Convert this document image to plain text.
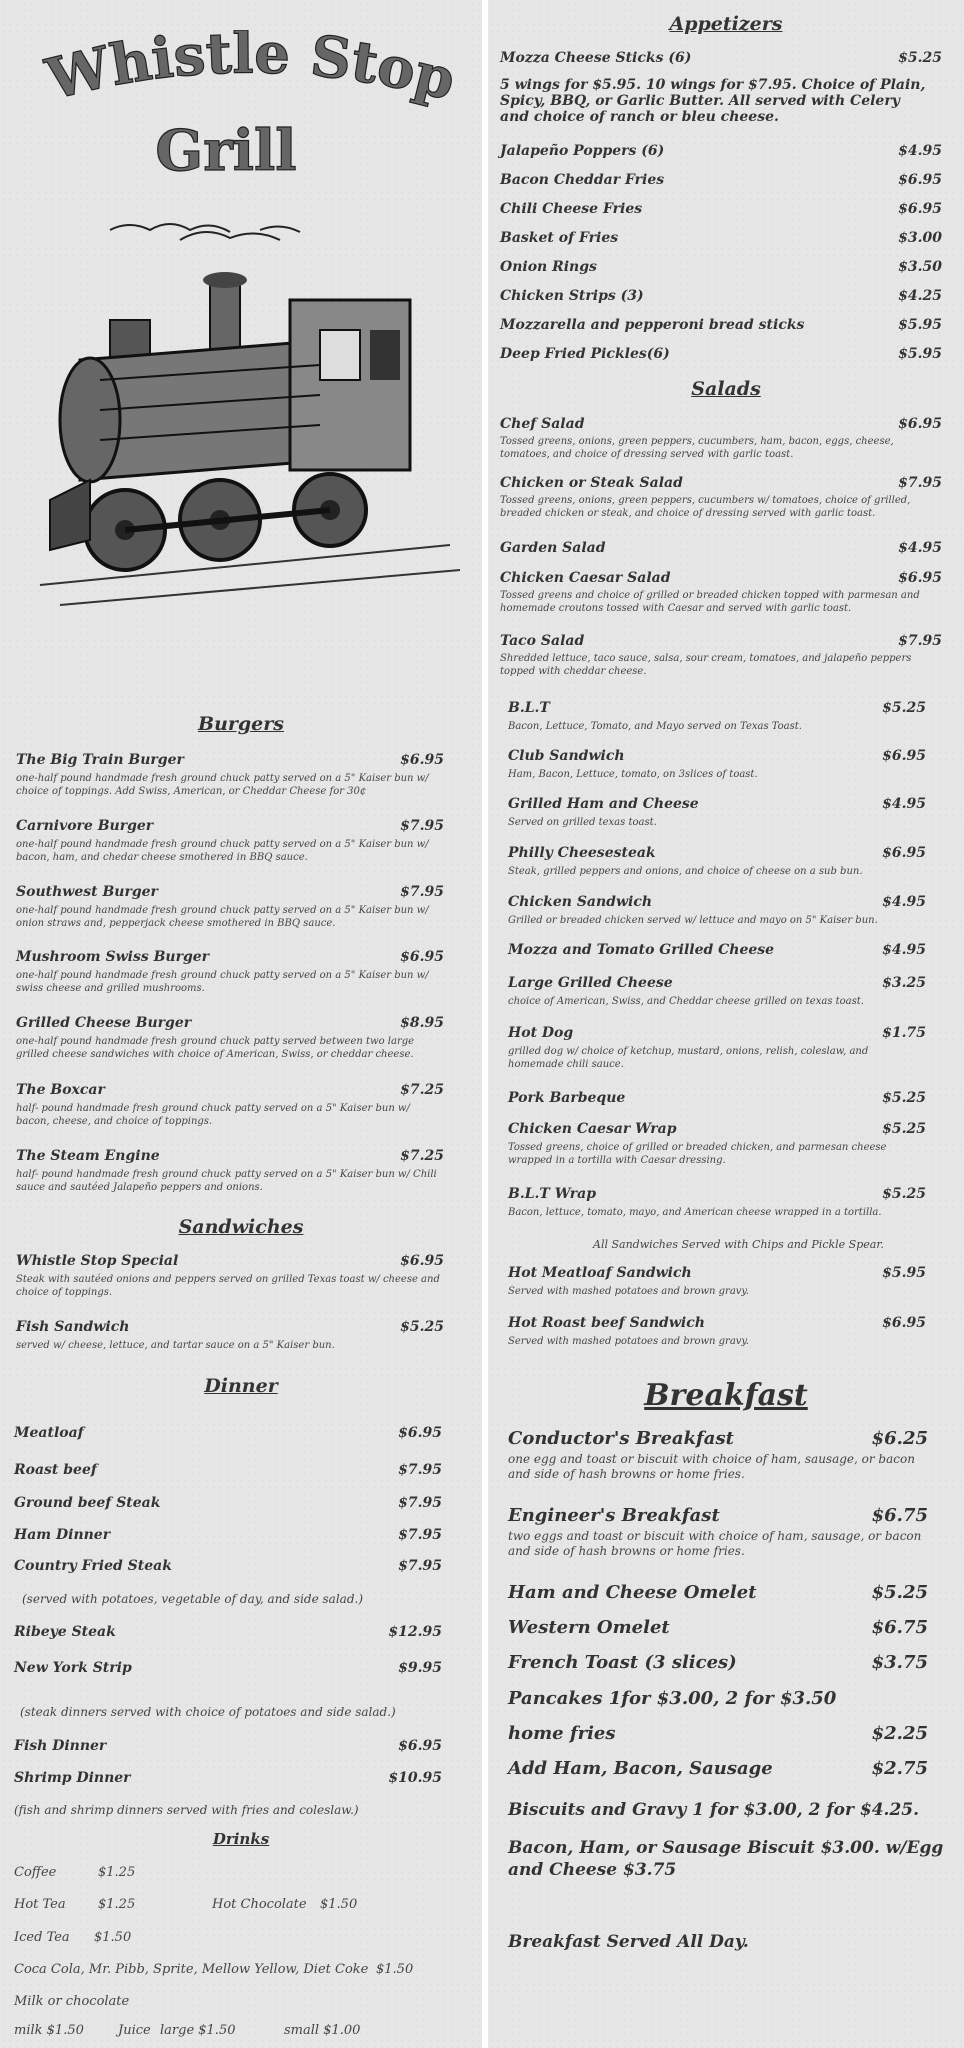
Whistle Stop
Grill
Burgers
The Big Train Burger	$6.95
one-half pound handmade fresh ground chuck patty served on a 5" Kaiser bun w/ choice of toppings. Add Swiss, American, or Cheddar Cheese for 30¢
Carnivore Burger	$7.95
one-half pound handmade fresh ground chuck patty served on a 5" Kaiser bun w/ bacon, ham, and chedar cheese smothered in BBQ sauce.
Southwest Burger	$7.95
one-half pound handmade fresh ground chuck patty served on a 5" Kaiser bun w/ onion straws and, pepperjack cheese smothered in BBQ sauce.
Mushroom Swiss Burger	$6.95
one-half pound handmade fresh ground chuck patty served on a 5" Kaiser bun w/ swiss cheese and grilled mushrooms.
Grilled Cheese Burger	$8.95
one-half pound handmade fresh ground chuck patty served between two large grilled cheese sandwiches with choice of American, Swiss, or cheddar cheese.
The Boxcar	$7.25
half- pound handmade fresh ground chuck patty served on a 5" Kaiser bun w/ bacon, cheese, and choice of toppings.
The Steam Engine	$7.25
half- pound handmade fresh ground chuck patty served on a 5" Kaiser bun w/ Chili sauce and sautéed Jalapeño peppers and onions.
Sandwiches
Whistle Stop Special	$6.95
Steak with sautéed onions and peppers served on grilled Texas toast w/ cheese and choice of toppings.
Fish Sandwich	$5.25
served w/ cheese, lettuce, and tartar sauce on a 5" Kaiser bun.
Dinner
Meatloaf	$6.95
Roast beef	$7.95
Ground beef Steak	$7.95
Ham Dinner	$7.95
Country Fried Steak	$7.95
Ribeye Steak	$12.95
New York Strip	$9.95
Fish Dinner	$6.95
Shrimp Dinner	$10.95
(served with potatoes, vegetable of day, and side salad.)
(steak dinners served with choice of potatoes and side salad.)
(fish and shrimp dinners served with fries and coleslaw.)
Drinks
Coffee	$1.25
Hot Tea $1.25	Hot Chocolate $1.50
Iced Tea $1.50
Coca Cola, Mr. Pibb, Sprite, Mellow Yellow, Diet Coke $1.50
Milk or chocolate
milk $1.50	Juice large $1.50	small $1.00
Appetizers
Mozza Cheese Sticks (6)	$5.25
5 wings for $5.95. 10 wings for $7.95. Choice of Plain, Spicy, BBQ, or Garlic Butter. All served with Celery and choice of ranch or bleu cheese.
Jalapeño Poppers (6)	$4.95
Bacon Cheddar Fries	$6.95
Chili Cheese Fries	$6.95
Basket of Fries	$3.00
Onion Rings	$3.50
Chicken Strips (3)	$4.25
Mozzarella and pepperoni bread sticks	$5.95
Deep Fried Pickles(6)	$5.95
Salads
Chef Salad	$6.95
Tossed greens, onions, green peppers, cucumbers, ham, bacon, eggs, cheese, tomatoes, and choice of dressing served with garlic toast.
Chicken or Steak Salad	$7.95
Tossed greens, onions, green peppers, cucumbers w/ tomatoes, choice of grilled, breaded chicken or steak, and choice of dressing served with garlic toast.
Garden Salad	$4.95
Chicken Caesar Salad	$6.95
Tossed greens and choice of grilled or breaded chicken topped with parmesan and homemade croutons tossed with Caesar and served with garlic toast.
Taco Salad	$7.95
Shredded lettuce, taco sauce, salsa, sour cream, tomatoes, and jalapeño peppers topped with cheddar cheese.
B.L.T	$5.25
Bacon, Lettuce, Tomato, and Mayo served on Texas Toast.
Club Sandwich	$6.95
Ham, Bacon, Lettuce, tomato, on 3slices of toast.
Grilled Ham and Cheese	$4.95
Served on grilled texas toast.
Philly Cheesesteak	$6.95
Steak, grilled peppers and onions, and choice of cheese on a sub bun.
Chicken Sandwich	$4.95
Grilled or breaded chicken served w/ lettuce and mayo on 5" Kaiser bun.
Mozza and Tomato Grilled Cheese	$4.95
Large Grilled Cheese	$3.25
choice of American, Swiss, and Cheddar cheese grilled on texas toast.
Hot Dog	$1.75
grilled dog w/ choice of ketchup, mustard, onions, relish, coleslaw, and homemade chili sauce.
Pork Barbeque	$5.25
Chicken Caesar Wrap	$5.25
Tossed greens, choice of grilled or breaded chicken, and parmesan cheese wrapped in a tortilla with Caesar dressing.
B.L.T Wrap	$5.25
Bacon, lettuce, tomato, mayo, and American cheese wrapped in a tortilla.
All Sandwiches Served with Chips and Pickle Spear.
Hot Meatloaf Sandwich	$5.95
Served with mashed potatoes and brown gravy.
Hot Roast beef Sandwich	$6.95
Served with mashed potatoes and brown gravy.
Breakfast
Conductor's Breakfast	$6.25
one egg and toast or biscuit with choice of ham, sausage, or bacon and side of hash browns or home fries.
Engineer's Breakfast	$6.75
two eggs and toast or biscuit with choice of ham, sausage, or bacon and side of hash browns or home fries.
Ham and Cheese Omelet	$5.25
Western Omelet	$6.75
French Toast (3 slices)	$3.75
Pancakes 1for $3.00, 2 for $3.50
home fries	$2.25
Add Ham, Bacon, Sausage	$2.75
Biscuits and Gravy 1 for $3.00, 2 for $4.25.
Bacon, Ham, or Sausage Biscuit $3.00. w/Egg
and Cheese $3.75
Breakfast Served All Day.
